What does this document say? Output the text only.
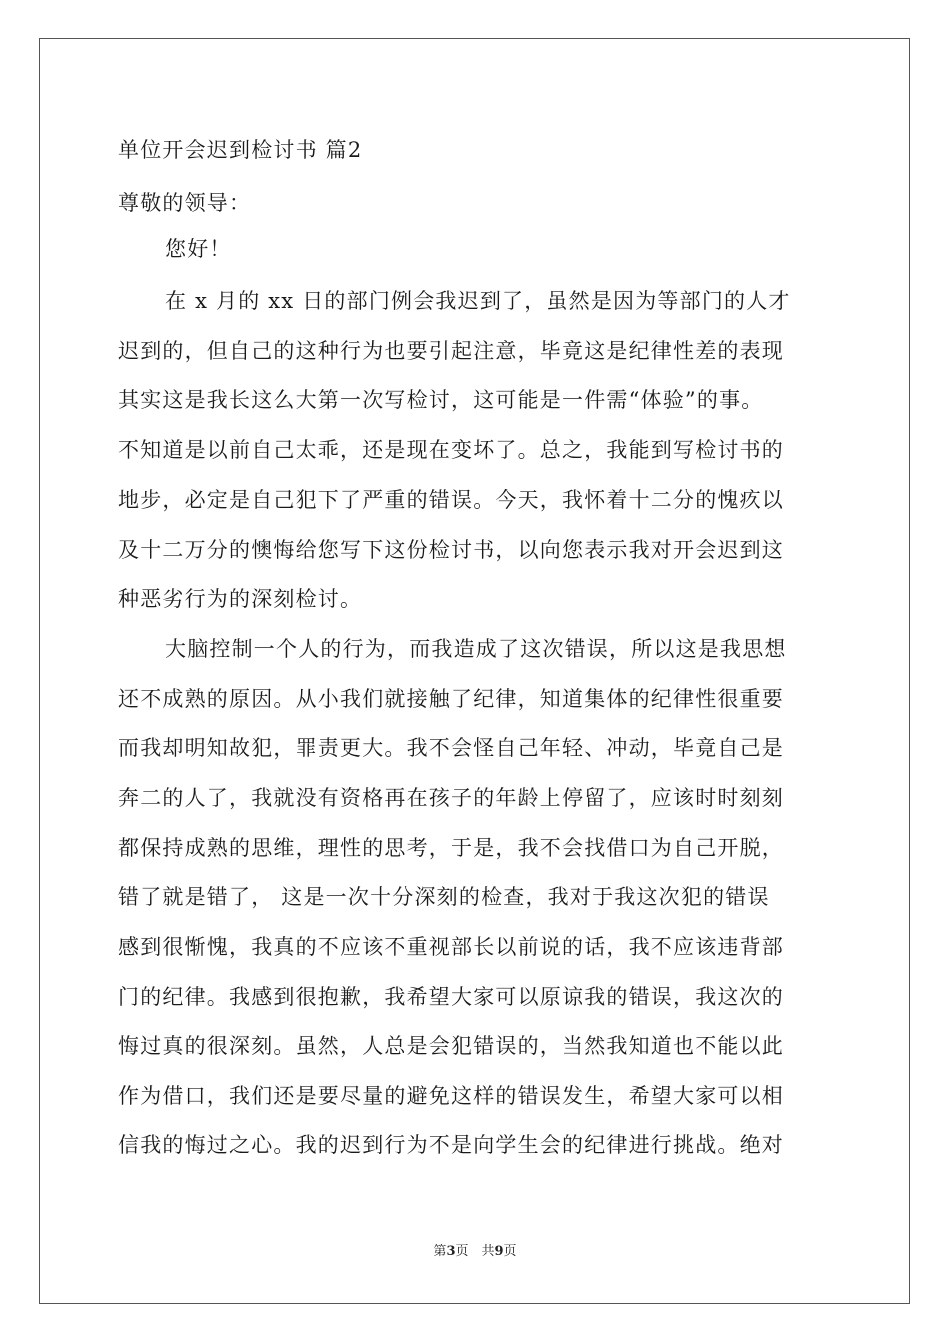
单位开会迟到检讨书 篇2
尊敬的领导：
您好！
在 x 月的 xx 日的部门例会我迟到了，虽然是因为等部门的人才
迟到的，但自己的这种行为也要引起注意，毕竟这是纪律性差的表现
其实这是我长这么大第一次写检讨，这可能是一件需“体验”的事。
不知道是以前自己太乖，还是现在变坏了。总之，我能到写检讨书的
地步，必定是自己犯下了严重的错误。今天，我怀着十二分的愧疚以
及十二万分的懊悔给您写下这份检讨书，以向您表示我对开会迟到这
种恶劣行为的深刻检讨。
大脑控制一个人的行为，而我造成了这次错误，所以这是我思想
还不成熟的原因。从小我们就接触了纪律，知道集体的纪律性很重要
而我却明知故犯，罪责更大。我不会怪自己年轻、冲动，毕竟自己是
奔二的人了，我就没有资格再在孩子的年龄上停留了，应该时时刻刻
都保持成熟的思维，理性的思考，于是，我不会找借口为自己开脱，
错了就是错了， 这是一次十分深刻的检查，我对于我这次犯的错误
感到很惭愧，我真的不应该不重视部长以前说的话，我不应该违背部
门的纪律。我感到很抱歉，我希望大家可以原谅我的错误，我这次的
悔过真的很深刻。虽然，人总是会犯错误的，当然我知道也不能以此
作为借口，我们还是要尽量的避免这样的错误发生，希望大家可以相
信我的悔过之心。我的迟到行为不是向学生会的纪律进行挑战。绝对
第3页　共9页
